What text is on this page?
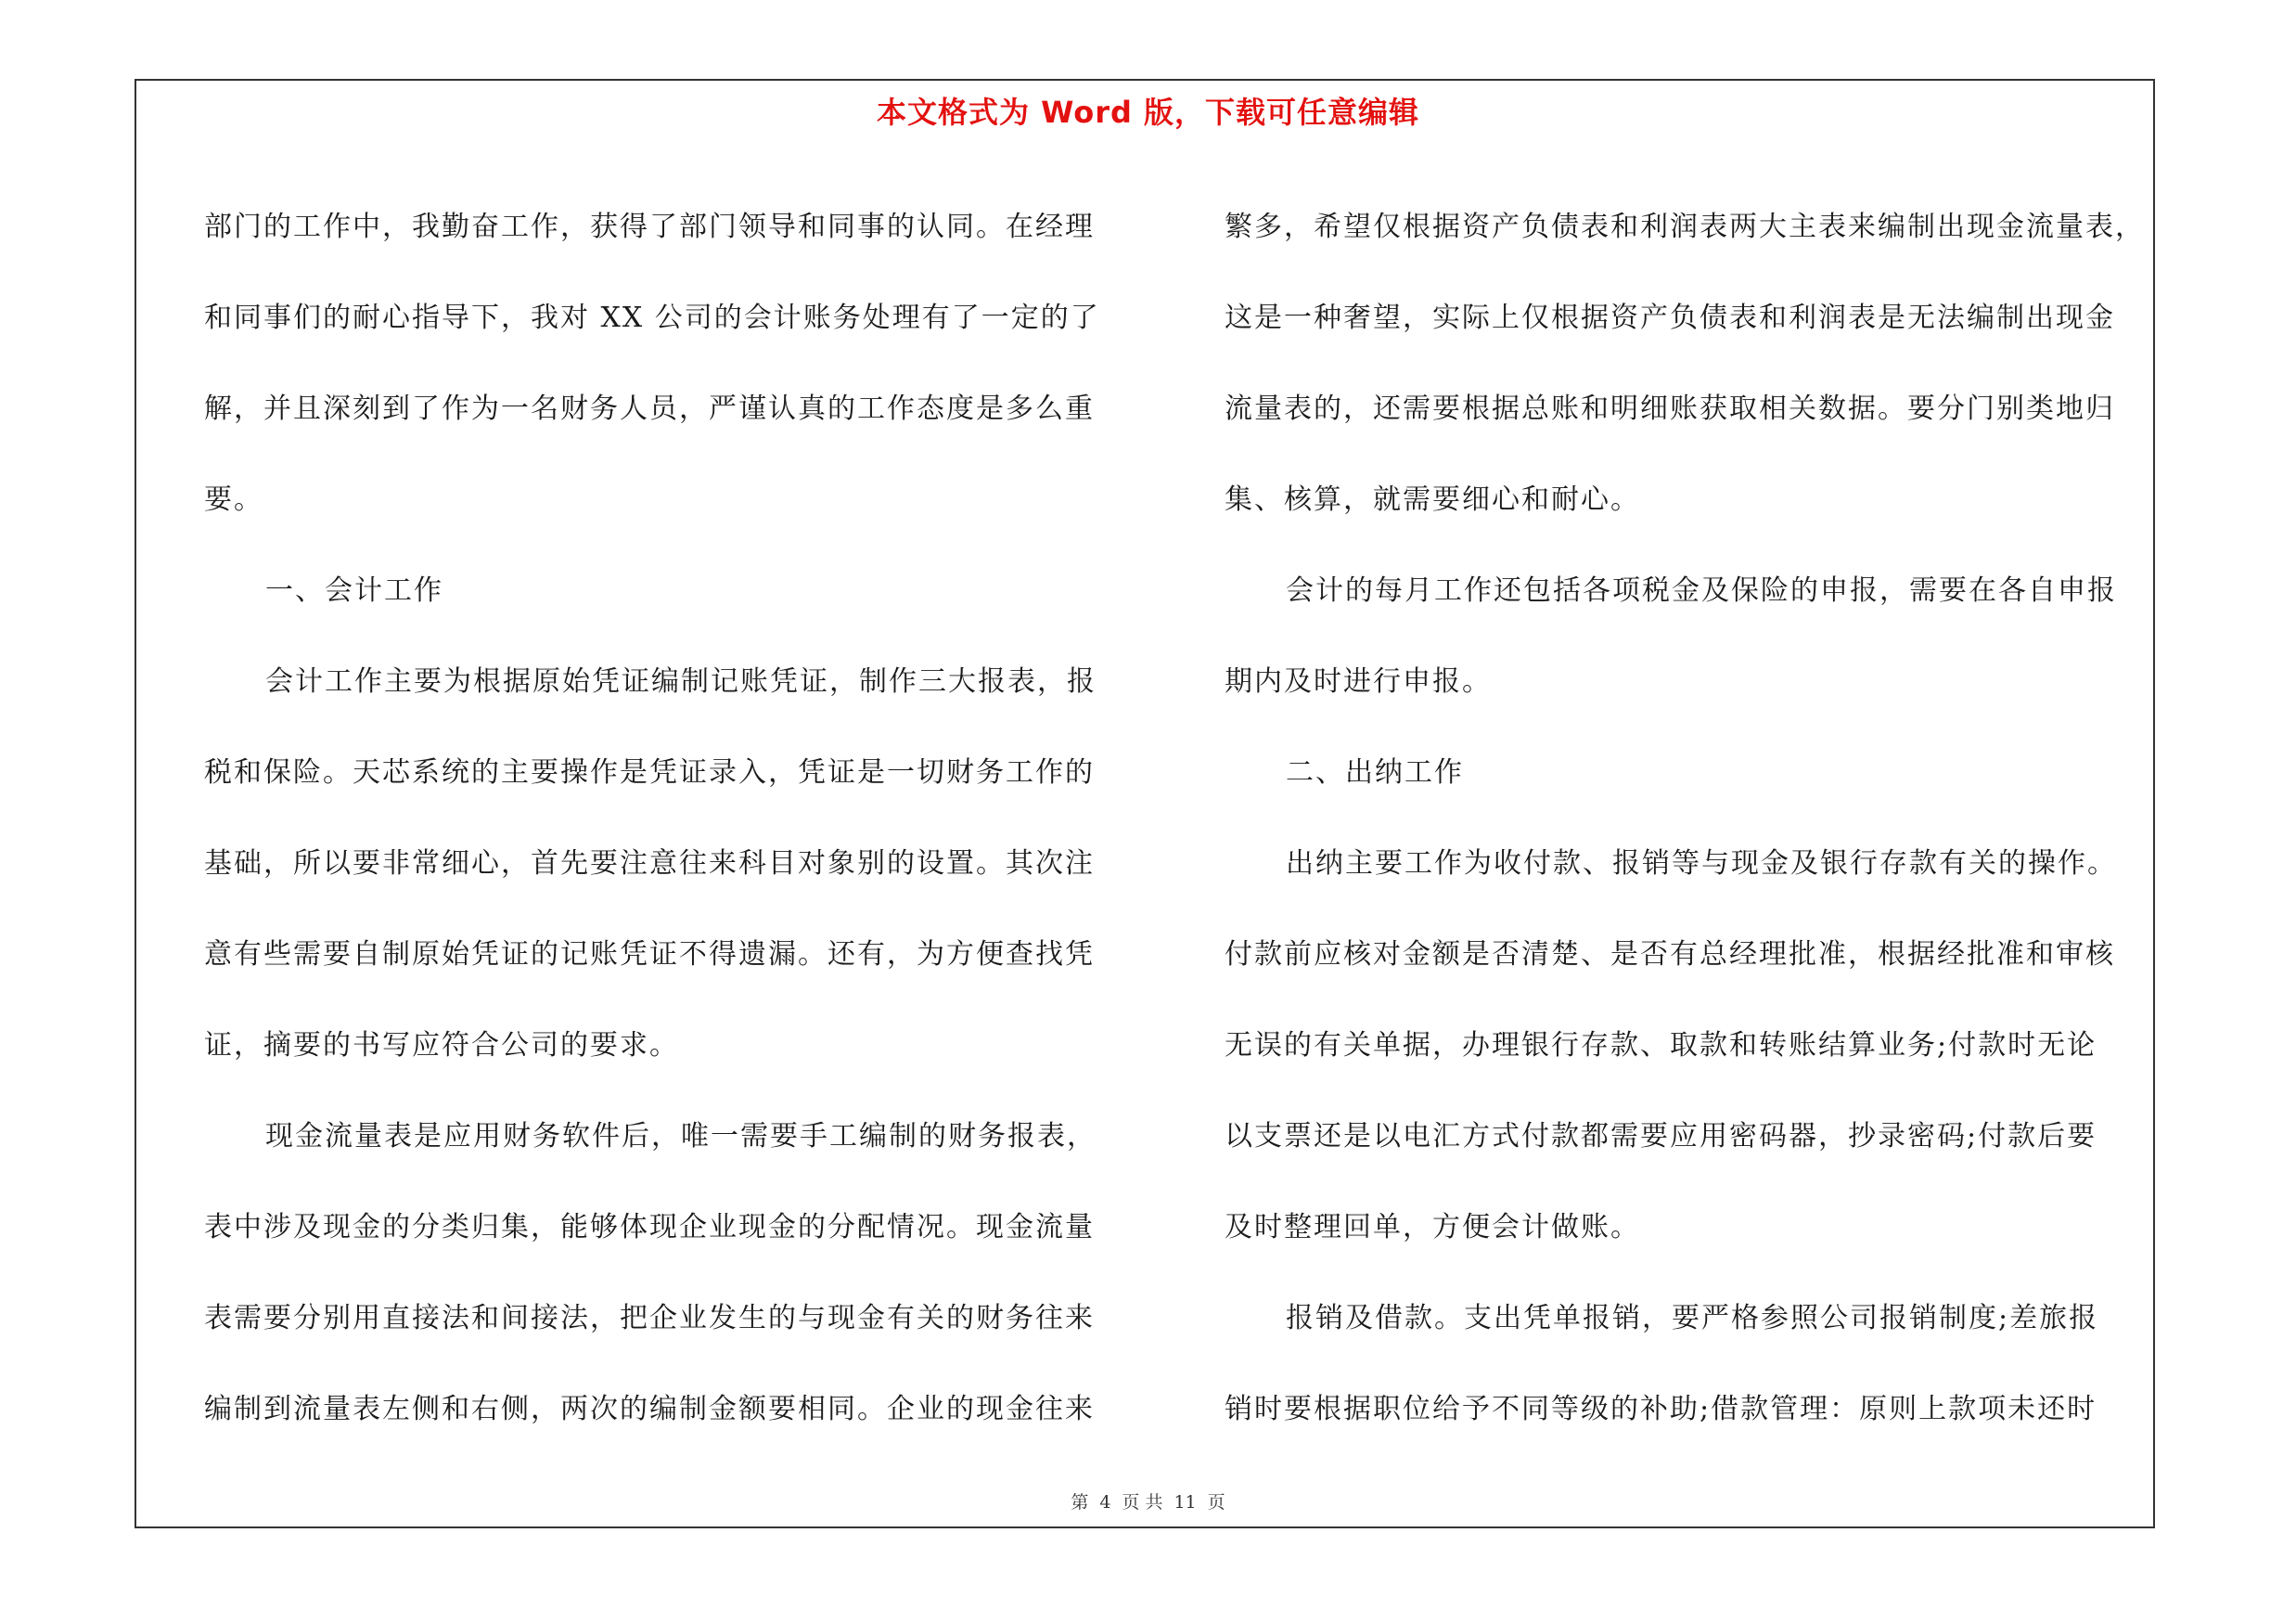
本文格式为 Word 版，下载可任意编辑

部门的工作中，我勤奋工作，获得了部门领导和同事的认同。在经理

和同事们的耐心指导下，我对 XX 公司的会计账务处理有了一定的了

解，并且深刻到了作为一名财务人员，严谨认真的工作态度是多么重

要。

一、会计工作

会计工作主要为根据原始凭证编制记账凭证，制作三大报表，报

税和保险。天芯系统的主要操作是凭证录入，凭证是一切财务工作的

基础，所以要非常细心，首先要注意往来科目对象别的设置。其次注

意有些需要自制原始凭证的记账凭证不得遗漏。还有，为方便查找凭

证，摘要的书写应符合公司的要求。

现金流量表是应用财务软件后，唯一需要手工编制的财务报表，

表中涉及现金的分类归集，能够体现企业现金的分配情况。现金流量

表需要分别用直接法和间接法，把企业发生的与现金有关的财务往来

编制到流量表左侧和右侧，两次的编制金额要相同。企业的现金往来

繁多，希望仅根据资产负债表和利润表两大主表来编制出现金流量表，

这是一种奢望，实际上仅根据资产负债表和利润表是无法编制出现金

流量表的，还需要根据总账和明细账获取相关数据。要分门别类地归

集、核算，就需要细心和耐心。

会计的每月工作还包括各项税金及保险的申报，需要在各自申报

期内及时进行申报。

二、出纳工作

出纳主要工作为收付款、报销等与现金及银行存款有关的操作。

付款前应核对金额是否清楚、是否有总经理批准，根据经批准和审核

无误的有关单据，办理银行存款、取款和转账结算业务;付款时无论

以支票还是以电汇方式付款都需要应用密码器，抄录密码;付款后要

及时整理回单，方便会计做账。

报销及借款。支出凭单报销，要严格参照公司报销制度;差旅报

销时要根据职位给予不同等级的补助;借款管理：原则上款项未还时

第 4 页 共 11 页
